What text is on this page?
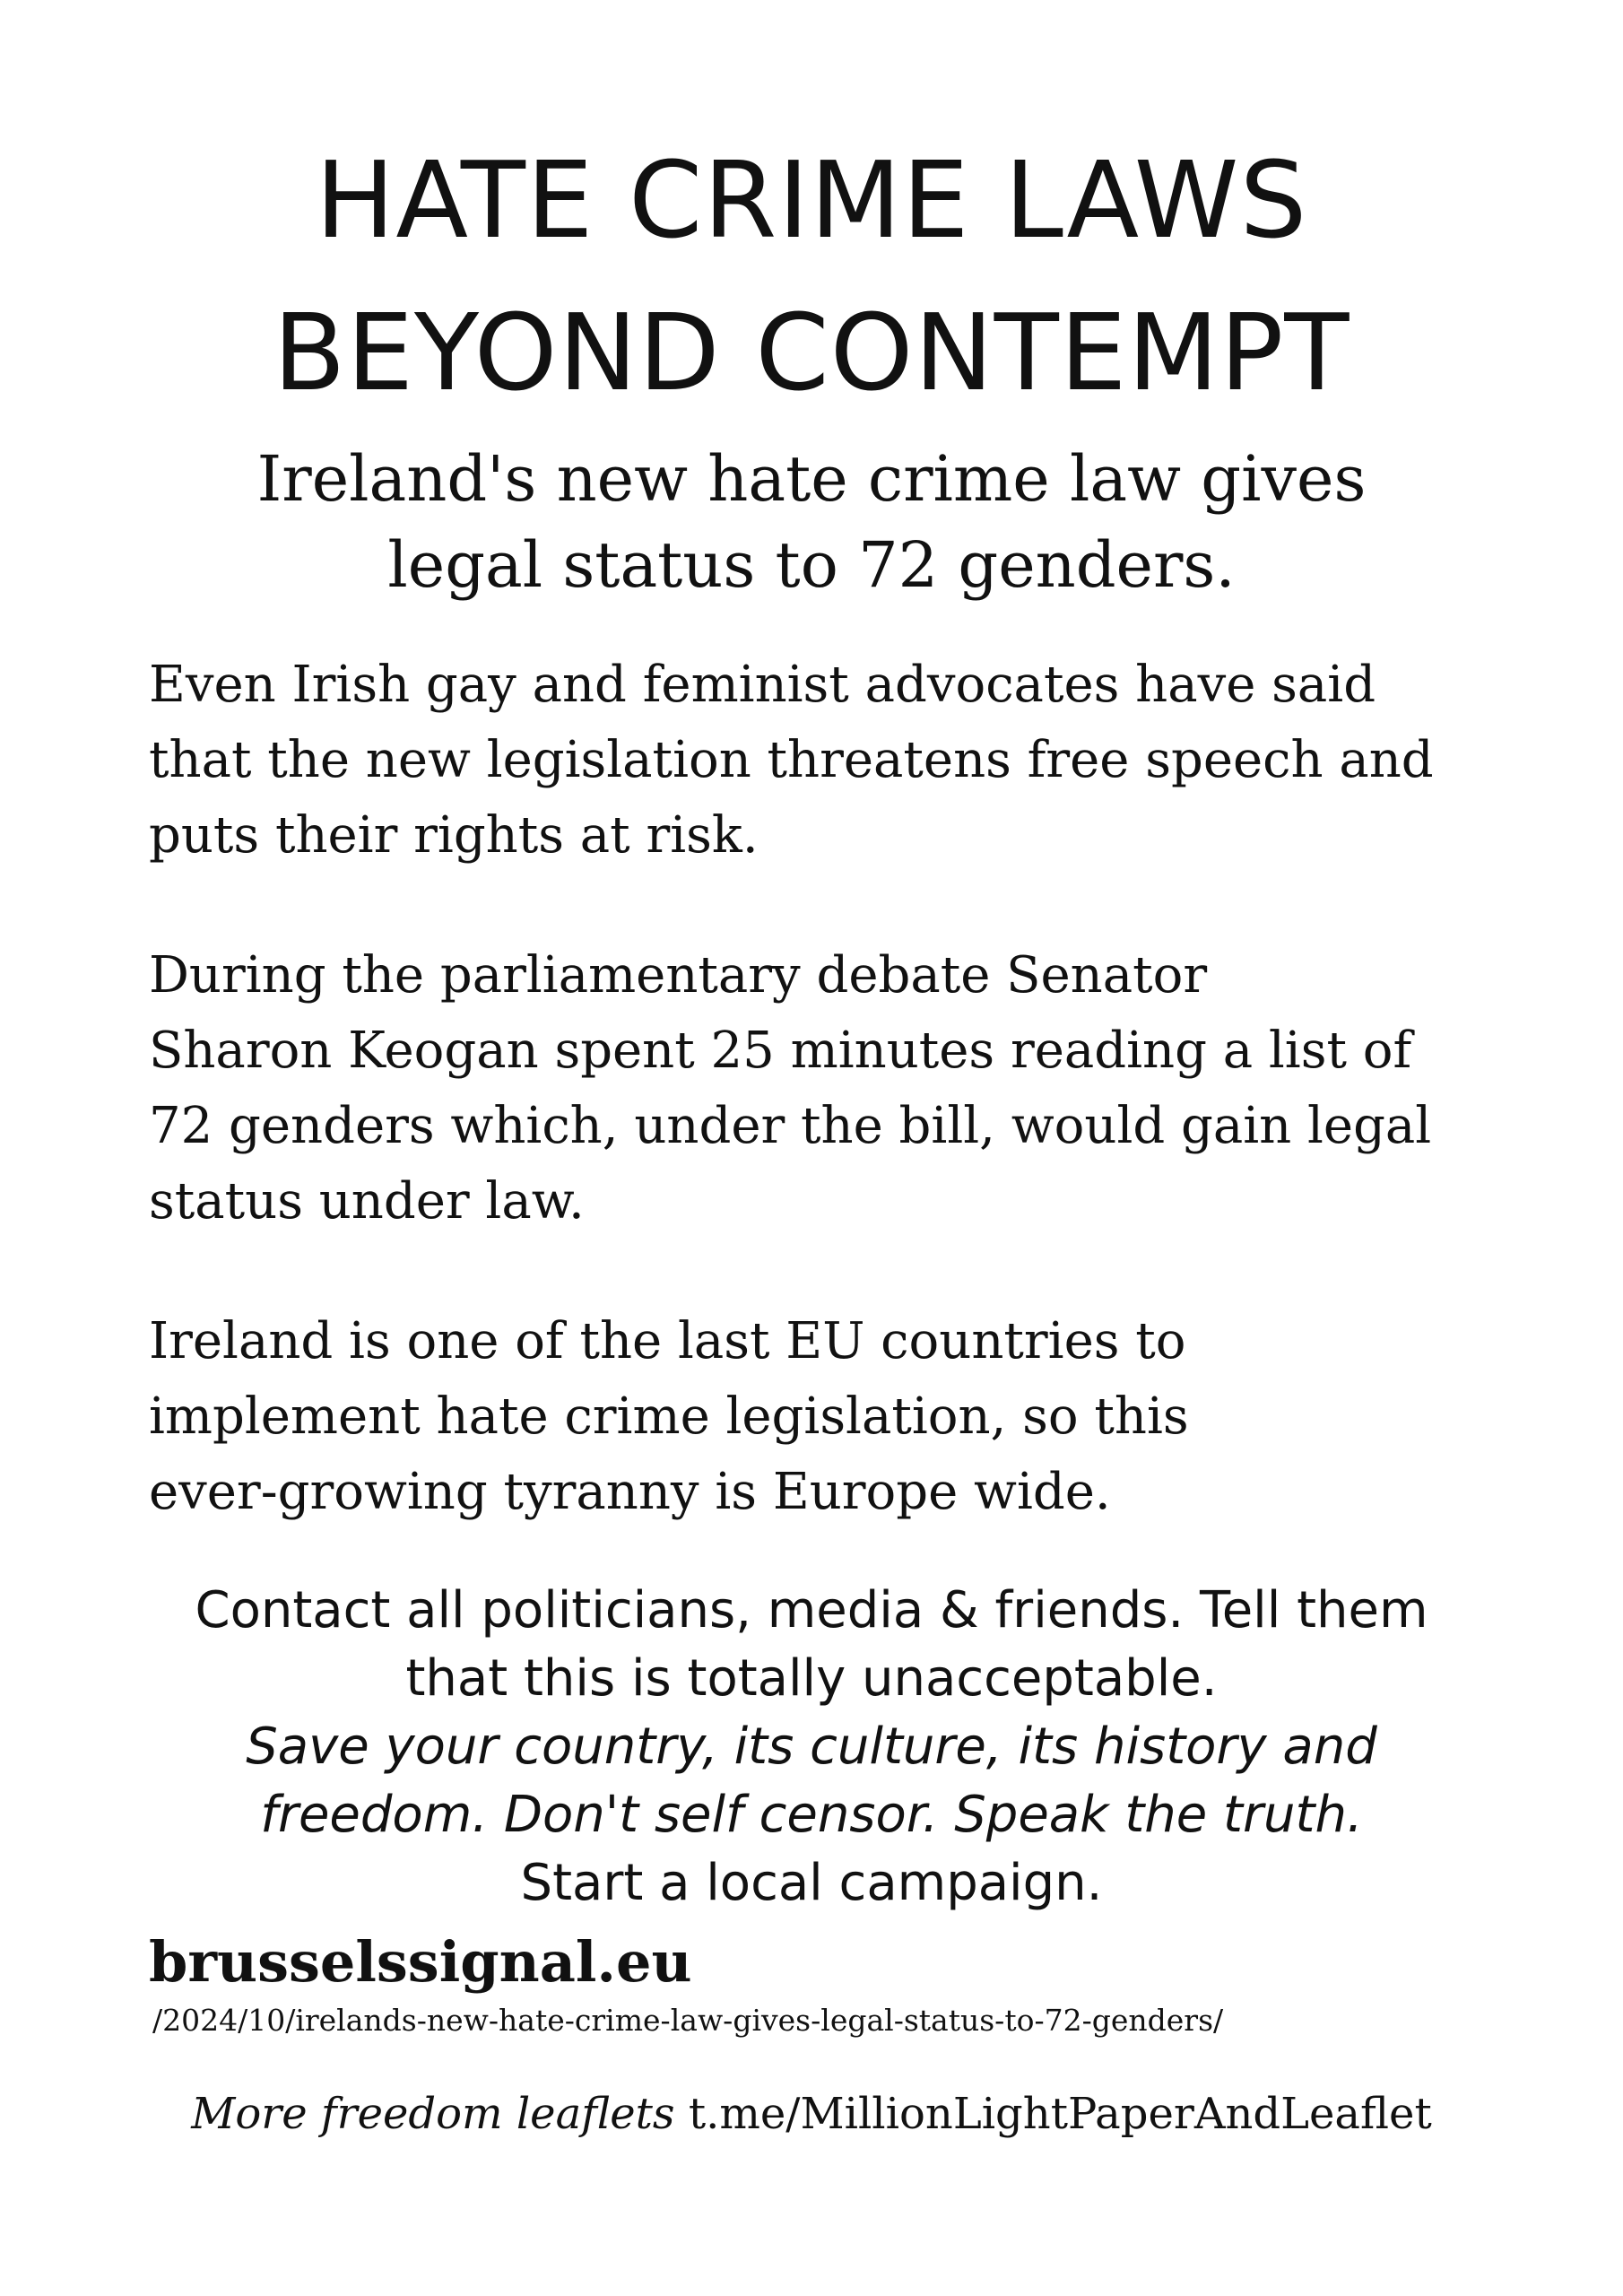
HATE CRIME LAWS
BEYOND CONTEMPT
Ireland's new hate crime law gives
legal status to 72 genders.

Even Irish gay and feminist advocates have said
that the new legislation threatens free speech and
puts their rights at risk.

During the parliamentary debate Senator
Sharon Keogan spent 25 minutes reading a list of
72 genders which, under the bill, would gain legal
status under law.

Ireland is one of the last EU countries to
implement hate crime legislation, so this
ever-growing tyranny is Europe wide.

Contact all politicians, media & friends. Tell them
that this is totally unacceptable.
Save your country, its culture, its history and
freedom. Don't self censor. Speak the truth.
Start a local campaign.
brusselssignal.eu
/2024/10/irelands-new-hate-crime-law-gives-legal-status-to-72-genders/
More freedom leaflets t.me/MillionLightPaperAndLeaflet
